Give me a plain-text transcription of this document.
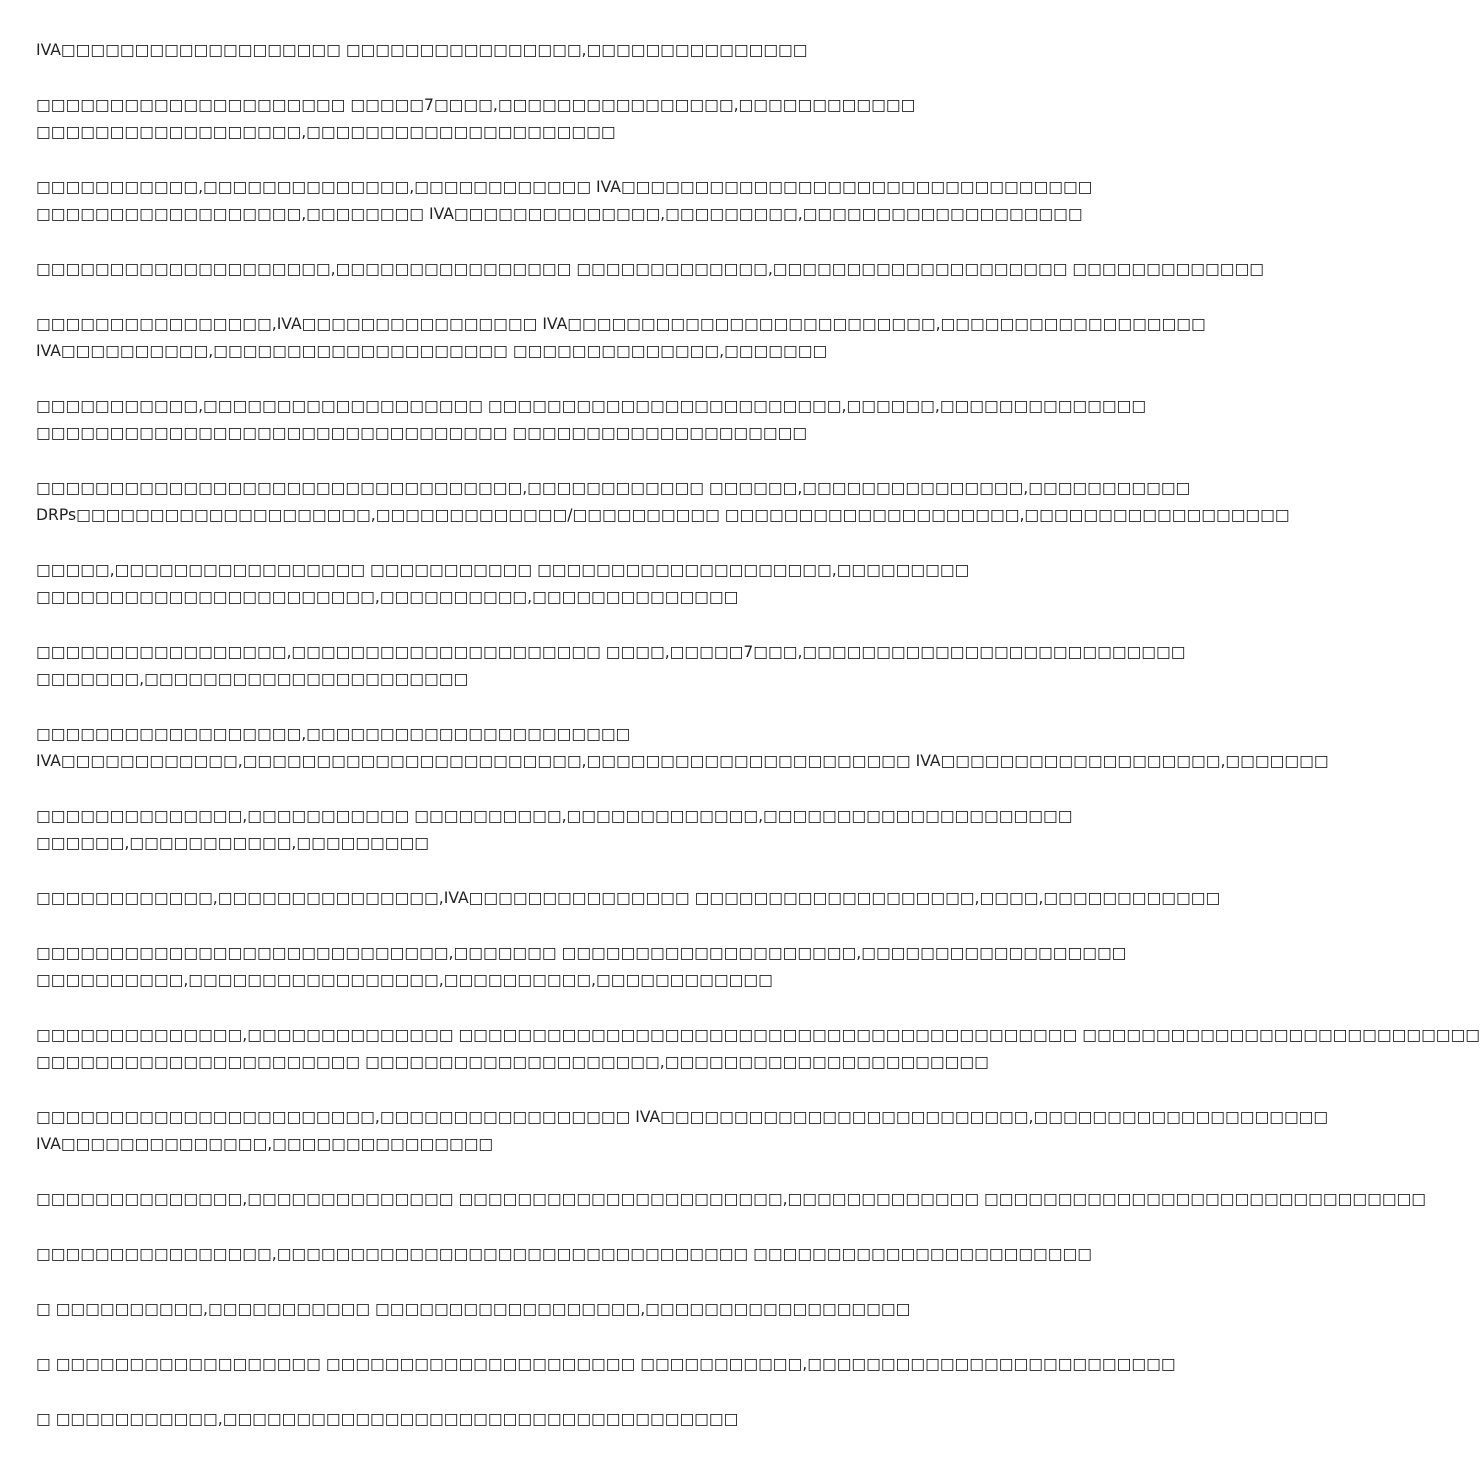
IVA□□□□□□□□□□□□□□□□□□□ □□□□□□□□□□□□□□□□,□□□□□□□□□□□□□□□
□□□□□□□□□□□□□□□□□□□□□ □□□□□7□□□□,□□□□□□□□□□□□□□□□,□□□□□□□□□□□□
□□□□□□□□□□□□□□□□□□,□□□□□□□□□□□□□□□□□□□□□
□□□□□□□□□□□,□□□□□□□□□□□□□□,□□□□□□□□□□□□ IVA□□□□□□□□□□□□□□□□□□□□□□□□□□□□□□□□
□□□□□□□□□□□□□□□□□□,□□□□□□□□ IVA□□□□□□□□□□□□□□,□□□□□□□□□,□□□□□□□□□□□□□□□□□□□
□□□□□□□□□□□□□□□□□□□□,□□□□□□□□□□□□□□□□ □□□□□□□□□□□□□,□□□□□□□□□□□□□□□□□□□□ □□□□□□□□□□□□□
□□□□□□□□□□□□□□□□,IVA□□□□□□□□□□□□□□□□ IVA□□□□□□□□□□□□□□□□□□□□□□□□□,□□□□□□□□□□□□□□□□□□
IVA□□□□□□□□□□,□□□□□□□□□□□□□□□□□□□□ □□□□□□□□□□□□□□,□□□□□□□
□□□□□□□□□□□,□□□□□□□□□□□□□□□□□□□ □□□□□□□□□□□□□□□□□□□□□□□□,□□□□□□,□□□□□□□□□□□□□□
□□□□□□□□□□□□□□□□□□□□□□□□□□□□□□□□ □□□□□□□□□□□□□□□□□□□□
□□□□□□□□□□□□□□□□□□□□□□□□□□□□□□□□□,□□□□□□□□□□□□ □□□□□□,□□□□□□□□□□□□□□□,□□□□□□□□□□□
DRPs□□□□□□□□□□□□□□□□□□□□,□□□□□□□□□□□□□/□□□□□□□□□□ □□□□□□□□□□□□□□□□□□□□,□□□□□□□□□□□□□□□□□□
□□□□□,□□□□□□□□□□□□□□□□□ □□□□□□□□□□□ □□□□□□□□□□□□□□□□□□□□,□□□□□□□□□
□□□□□□□□□□□□□□□□□□□□□□□,□□□□□□□□□□,□□□□□□□□□□□□□□
□□□□□□□□□□□□□□□□□,□□□□□□□□□□□□□□□□□□□□□ □□□□,□□□□□7□□□,□□□□□□□□□□□□□□□□□□□□□□□□□□
□□□□□□□,□□□□□□□□□□□□□□□□□□□□□□
□□□□□□□□□□□□□□□□□□,□□□□□□□□□□□□□□□□□□□□□□
IVA□□□□□□□□□□□□,□□□□□□□□□□□□□□□□□□□□□□□,□□□□□□□□□□□□□□□□□□□□□□ IVA□□□□□□□□□□□□□□□□□□□,□□□□□□□
□□□□□□□□□□□□□□,□□□□□□□□□□□ □□□□□□□□□□,□□□□□□□□□□□□□,□□□□□□□□□□□□□□□□□□□□□
□□□□□□,□□□□□□□□□□□,□□□□□□□□□
□□□□□□□□□□□□,□□□□□□□□□□□□□□□,IVA□□□□□□□□□□□□□□□ □□□□□□□□□□□□□□□□□□□,□□□□,□□□□□□□□□□□□
□□□□□□□□□□□□□□□□□□□□□□□□□□□□,□□□□□□□ □□□□□□□□□□□□□□□□□□□□,□□□□□□□□□□□□□□□□□□
□□□□□□□□□□,□□□□□□□□□□□□□□□□□,□□□□□□□□□□,□□□□□□□□□□□□
□□□□□□□□□□□□□□,□□□□□□□□□□□□□□ □□□□□□□□□□□□□□□□□□□□□□□□□□□□□□□□□□□□□□□□□□ □□□□□□□□□□□□□□□□□□□□□□□□□□□
□□□□□□□□□□□□□□□□□□□□□□ □□□□□□□□□□□□□□□□□□□□,□□□□□□□□□□□□□□□□□□□□□□
□□□□□□□□□□□□□□□□□□□□□□□,□□□□□□□□□□□□□□□□□ IVA□□□□□□□□□□□□□□□□□□□□□□□□□,□□□□□□□□□□□□□□□□□□□□
IVA□□□□□□□□□□□□□□,□□□□□□□□□□□□□□□
□□□□□□□□□□□□□□,□□□□□□□□□□□□□□ □□□□□□□□□□□□□□□□□□□□□□,□□□□□□□□□□□□□ □□□□□□□□□□□□□□□□□□□□□□□□□□□□□□
□□□□□□□□□□□□□□□□,□□□□□□□□□□□□□□□□□□□□□□□□□□□□□□□□ □□□□□□□□□□□□□□□□□□□□□□□
□ □□□□□□□□□□,□□□□□□□□□□□ □□□□□□□□□□□□□□□□□□,□□□□□□□□□□□□□□□□□□
□ □□□□□□□□□□□□□□□□□□ □□□□□□□□□□□□□□□□□□□□□ □□□□□□□□□□□,□□□□□□□□□□□□□□□□□□□□□□□□□
□ □□□□□□□□□□□,□□□□□□□□□□□□□□□□□□□□□□□□□□□□□□□□□□□
